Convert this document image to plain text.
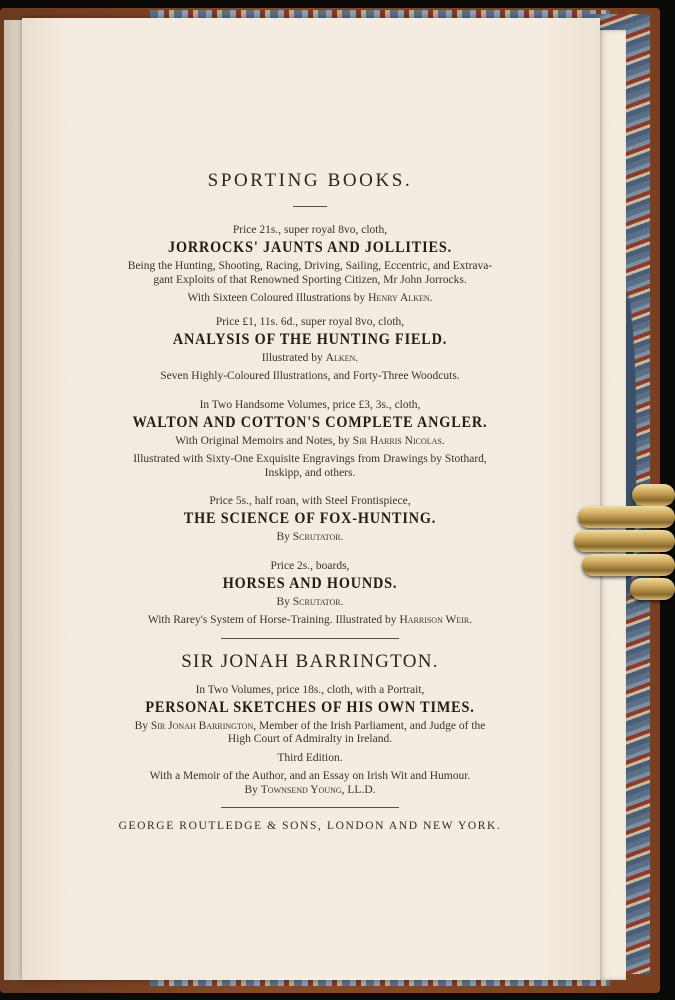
SPORTING BOOKS.

Price 21s., super royal 8vo, cloth,

JORROCKS' JAUNTS AND JOLLITIES.

Being the Hunting, Shooting, Racing, Driving, Sailing, Eccentric, and Extrava-

gant Exploits of that Renowned Sporting Citizen, Mr John Jorrocks.

With Sixteen Coloured Illustrations by Henry Alken.

Price £1, 11s. 6d., super royal 8vo, cloth,

ANALYSIS OF THE HUNTING FIELD.

Illustrated by Alken.

Seven Highly-Coloured Illustrations, and Forty-Three Woodcuts.

In Two Handsome Volumes, price £3, 3s., cloth,

WALTON AND COTTON'S COMPLETE ANGLER.

With Original Memoirs and Notes, by Sir Harris Nicolas.

Illustrated with Sixty-One Exquisite Engravings from Drawings by Stothard,

Inskipp, and others.

Price 5s., half roan, with Steel Frontispiece,

THE SCIENCE OF FOX-HUNTING.

By Scrutator.

Price 2s., boards,

HORSES AND HOUNDS.

By Scrutator.

With Rarey's System of Horse-Training. Illustrated by Harrison Weir.

SIR JONAH BARRINGTON.

In Two Volumes, price 18s., cloth, with a Portrait,

PERSONAL SKETCHES OF HIS OWN TIMES.

By Sir Jonah Barrington, Member of the Irish Parliament, and Judge of the

High Court of Admiralty in Ireland.

Third Edition.

With a Memoir of the Author, and an Essay on Irish Wit and Humour.

By Townsend Young, LL.D.

GEORGE ROUTLEDGE & SONS, LONDON AND NEW YORK.
